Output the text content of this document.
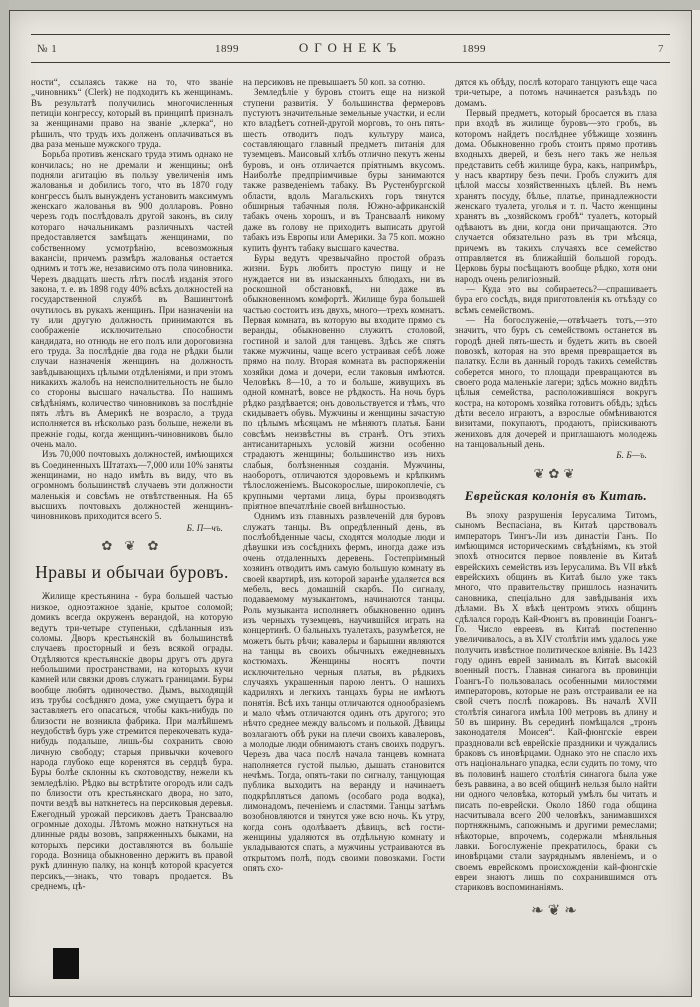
№ 1	1899	ОГОНЕКЪ	1899	7

ности“, ссылаясь также на то, что званіе „чиновникъ“ (Clerk) не подходитъ къ женщинамъ. Въ результатѣ получились многочисленныя петиціи конгрессу, который въ принципѣ призналъ за женщинами право на званіе „клерка“, но рѣшилъ, что трудъ ихъ долженъ оплачиваться въ два раза меньше мужского труда.

Борьба противъ женскаго труда этимъ однако не кончилась; но не дремали и женщины; онѣ подняли агитацію въ пользу увеличенія имъ жалованья и добились того, что въ 1870 году конгрессъ былъ вынужденъ установить максимумъ женскаго жалованья въ 900 долларовъ. Ровно черезъ годъ послѣдовалъ другой законъ, въ силу котораго начальникамъ различныхъ частей предоставляется замѣщать женщинами, по собственному усмотрѣнію, всевозможныя вакансіи, причемъ размѣръ жалованья остается однимъ и тотъ же, независимо отъ пола чиновника. Черезъ двадцать шесть лѣтъ послѣ изданія этого закона, т. е. въ 1898 году 40% всѣхъ должностей на государственной службѣ въ Вашингтонѣ очутилось въ рукахъ женщинъ. При назначеніи на ту или другую должность принимаются въ соображеніе исключительно способности кандидата, но отнюдь не его полъ или дороговизна его труда. За послѣдніе два года не рѣдки были случаи назначенія женщинъ на должность завѣдывающихъ цѣлыми отдѣленіями, и при этомъ никакихъ жалобъ на неисполнительность не было со стороны высшаго начальства. По нашимъ свѣдѣніямъ, количество чиновниковъ за послѣдніе пять лѣтъ въ Америкѣ не возрасло, а труда исполняется въ нѣсколько разъ больше, нежели въ прежніе годы, когда женщинъ-чиновниковъ было очень мало.

Изъ 70,000 почтовыхъ должностей, имѣющихся въ Соединенныхъ Штатахъ—7,000 или 10% заняты женщинами, но надо имѣть въ виду, что въ огромномъ большинствѣ случаевъ эти должности маленькія и совсѣмъ не отвѣтственныя. На 65 высшихъ почтовыхъ должностей женщинъ-чиновниковъ приходится всего 5.

Б. П—чъ.
✿ ❦ ✿
Нравы и обычаи буровъ.

Жилище крестьянина - бура большей частью низкое, одноэтажное зданіе, крытое соломой; домикъ всегда окруженъ верандой, на которую ведутъ три-четыре ступеньки, сдѣланныя изъ соломы. Дворъ крестьянскій въ большинствѣ случаевъ просторный и безъ всякой ограды. Отдѣляются крестьянскіе дворы другъ отъ друга небольшими пространствами, на которыхъ кучи камней или связки дровъ служатъ границами. Буры вообще любятъ одиночество. Дымъ, выходящій изъ трубы сосѣдняго дома, уже смущаетъ бура и заставляетъ его опасаться, чтобы какъ-нибудь по близости не возникла фабрика. При малѣйшемъ неудобствѣ буръ уже стремится перекочевать куда-нибудь подальше, лишь-бы сохранить свою личную свободу; старыя привычки кочевого народа глубоко еще коренятся въ сердцѣ бура. Буры болѣе склонны къ скотоводству, нежели къ земледѣлію. Рѣдко вы встрѣтите огородъ или садъ по близости отъ крестьянскаго двора, но зато, почти вездѣ вы наткнетесь на персиковыя деревья. Ежегодный урожай персиковъ даетъ Трансваалю огромные доходы. Лѣтомъ можно наткнуться на длинные ряды возовъ, запряженныхъ быками, на которыхъ персики доставляются въ большіе города. Возница обыкновенно держитъ въ правой рукѣ длинную палку, на концѣ которой красуется персикъ,—знакъ, что товаръ продается. Въ среднемъ, цѣ-

на персиковъ не превышаетъ 50 коп. за сотню.

Земледѣліе у буровъ стоитъ еще на низкой ступени развитія. У большинства фермеровъ пустуютъ значительные земельные участки, и если кто владѣетъ сотней-другой морговъ, то онъ пять-шесть отводитъ подъ культуру маиса, составляющаго главный предметъ питанія для туземцевъ. Маисовый хлѣбъ отлично пекутъ жены буровъ, и онъ отличается пріятнымъ вкусомъ. Наиболѣе предпріимчивые буры занимаются также разведеніемъ табаку. Въ Рустенбургской области, вдоль Магальскихъ горъ тянутся обширныя табачныя поля. Южно-африканскій табакъ очень хорошъ, и въ Трансваалѣ никому даже въ голову не приходитъ выписать другой табакъ изъ Европы или Америки. За 75 коп. можно купить фунтъ табаку высшаго качества.

Буры ведутъ чрезвычайно простой образъ жизни. Буръ любитъ простую пищу и не нуждается ни въ изысканныхъ блюдахъ, ни въ роскошной обстановкѣ, ни даже въ обыкновенномъ комфортѣ. Жилище бура большей частью состоитъ изъ двухъ, много—трехъ комнатъ. Первая комната, въ которую вы входите прямо съ веранды, обыкновенно служитъ столовой, гостиной и залой для танцевъ. Здѣсь же спятъ также мужчины, чаще всего устраивая себѣ ложе прямо на полу. Вторая комната въ распоряженіи хозяйки дома и дочери, если таковыя имѣются. Человѣкъ 8—10, а то и больше, живущихъ въ одной комнатѣ, вовсе не рѣдкость. На ночь буръ рѣдко раздѣвается; онъ довольствуется и тѣмъ, что скидываетъ обувь. Мужчины и женщины зачастую по цѣлымъ мѣсяцамъ не мѣняютъ платья. Бани совсѣмъ неизвѣстны въ странѣ. Отъ этихъ антисанитарныхъ условій жизни особенно страдаютъ женщины; большинство изъ нихъ слабыя, болѣзненныя созданія. Мужчины, наоборотъ, отличаются здоровьемъ и крѣпкимъ тѣлосложеніемъ. Высокорослые, широкоплечіе, съ крупными чертами лица, буры производятъ пріятное впечатлѣніе своей внѣшностью.

Однимъ изъ главныхъ развлеченій для буровъ служатъ танцы. Въ опредѣленный день, въ послѣобѣденные часы, сходятся молодые люди и дѣвушки изъ сосѣднихъ фермъ, иногда даже изъ очень отдаленныхъ деревень. Гостепріимный хозяинъ отводитъ имъ самую большую комнату въ своей квартирѣ, изъ которой заранѣе удаляется вся мебель, весь домашній скарбъ. По сигналу, подаваемому музыкантомъ, начинаются танцы. Роль музыканта исполняетъ обыкновенно одинъ изъ черныхъ туземцевъ, научившійся играть на концертинѣ. О бальныхъ туалетахъ, разумѣется, не можетъ быть рѣчи; кавалеры и барышни являются на танцы въ своихъ обычныхъ ежедневныхъ костюмахъ. Женщины носятъ почти исключительно черныя платья, въ рѣдкихъ случаяхъ украшенныя парою лентъ. О нашихъ кадриляхъ и легкихъ танцахъ буры не имѣютъ понятія. Всѣ ихъ танцы отличаются однообразіемъ и мало чѣмъ отличаются одинъ отъ другого; это нѣчто среднее между вальсомъ и полькой. Дѣвицы возлагаютъ обѣ руки на плечи своихъ кавалеровъ, а молодые люди обнимаютъ станъ своихъ подругъ. Черезъ два часа послѣ начала танцевъ комната наполняется густой пылью, дышать становится нечѣмъ. Тогда, опять-таки по сигналу, танцующая публика выходитъ на веранду и начинаетъ подкрѣпляться дапомъ (особаго рода водка), лимонадомъ, печеніемъ и сластями. Танцы затѣмъ возобновляются и тянутся уже всю ночь. Къ утру, когда сонъ одолѣваетъ дѣвицъ, всѣ гости-женщины удаляются въ отдѣльную комнату и укладываются спать, а мужчины устраиваются въ открытомъ полѣ, подъ своими повозками. Гости опять схо-

дятся къ обѣду, послѣ котораго танцуютъ еще часа три-четыре, а потомъ начинается разъѣздъ по домамъ.

Первый предметъ, который бросается въ глаза при входѣ въ жилище буровъ—это гробъ, въ которомъ найдетъ послѣднее убѣжище хозяинъ дома. Обыкновенно гробъ стоитъ прямо противъ входныхъ дверей, и безъ него такъ же нельзя представить себѣ жилище бура, какъ, напримѣръ, у насъ квартиру безъ печи. Гробъ служитъ для цѣлой массы хозяйственныхъ цѣлей. Въ немъ хранятъ посуду, бѣлье, платье, принадлежности женскаго туалета, уголья и т. п. Часто женщины хранятъ въ „хозяйскомъ гробѣ“ туалетъ, который одѣваютъ въ дни, когда они причащаются. Это случается обязательно разъ въ три мѣсяца, причемъ въ такихъ случаяхъ все семейство отправляется въ ближайшій большой городъ. Церковь буры посѣщаютъ вообще рѣдко, хотя они народъ очень религіозный.

— Куда это вы собираетесь?—спрашиваетъ бура его сосѣдъ, видя приготовленія къ отъѣзду со всѣмъ семействомъ.

— На богослуженіе,—отвѣчаетъ тотъ,—это значитъ, что буръ съ семействомъ останется въ городѣ дней пять-шесть и будетъ жить въ своей повозкѣ, которая на это время превращается въ палатку. Если въ данный городъ такихъ семействъ соберется много, то площади превращаются въ своего рода маленькіе лагери; здѣсь можно видѣть цѣлыя семейства, расположившіяся вокругъ костра, на которомъ хозяйка готовитъ обѣдъ; здѣсь дѣти весело играютъ, а взрослые обмѣниваются визитами, покупаютъ, продаютъ, пріискиваютъ жениховъ для дочерей и приглашаютъ молодежь на танцовальный день.

Б. Б—ъ.
❦✿❦
Еврейская колонія въ Китаѣ.

Въ эпоху разрушенія Іерусалима Титомъ, сыномъ Веспасіана, въ Китаѣ царствовалъ императоръ Тингъ-Ли изъ династіи Ганъ. По имѣющимся историческимъ свѣдѣніямъ, къ этой эпохѣ относится первое появленіе въ Китаѣ еврейскихъ семействъ изъ Іерусалима. Въ VII вѣкѣ еврейскихъ общинъ въ Китаѣ было уже такъ много, что правительству пришлось назначить сановника, спеціально для завѣдыванія ихъ дѣлами. Въ X вѣкѣ центромъ этихъ общинъ сдѣлался городъ Кай-Фюнгъ въ провинціи Гоангъ-Го. Число евреевъ въ Китаѣ постепенно увеличивалось, а въ XIV столѣтіи имъ удалось уже получить извѣстное политическое вліяніе. Въ 1423 году одинъ еврей занималъ въ Китаѣ высокій военный постъ. Главная синагога въ провинціи Гоангъ-Го пользовалась особенными милостями императоровъ, которые не разъ отстраивали ее на свой счетъ послѣ пожаровъ. Въ началѣ XVII столѣтія синагога имѣла 100 метровъ въ длину и 50 въ ширину. Въ серединѣ помѣщался „тронъ законодателя Моисея“. Кай-фюнгскіе евреи праздновали всѣ еврейскіе праздники и чуждались браковъ съ иновѣрцами. Однако это не спасло ихъ отъ національнаго упадка, если судить по тому, что въ половинѣ нашего столѣтія синагога была уже безъ раввина, а во всей общинѣ нельзя было найти ни одного человѣка, который умѣлъ бы читать и писать по-еврейски. Около 1860 года община насчитывала всего 200 человѣкъ, занимавшихся портняжнымъ, сапожнымъ и другими ремеслами; нѣкоторые, впрочемъ, содержали мѣняльныя лавки. Богослуженіе прекратилось, браки съ иновѣрцами стали зауряднымъ явленіемъ, и о своемъ еврейскомъ происхожденіи кай-фюнгскіе евреи знаютъ лишь по сохранившимся отъ стариковъ воспоминаніямъ.

❧❦❧
